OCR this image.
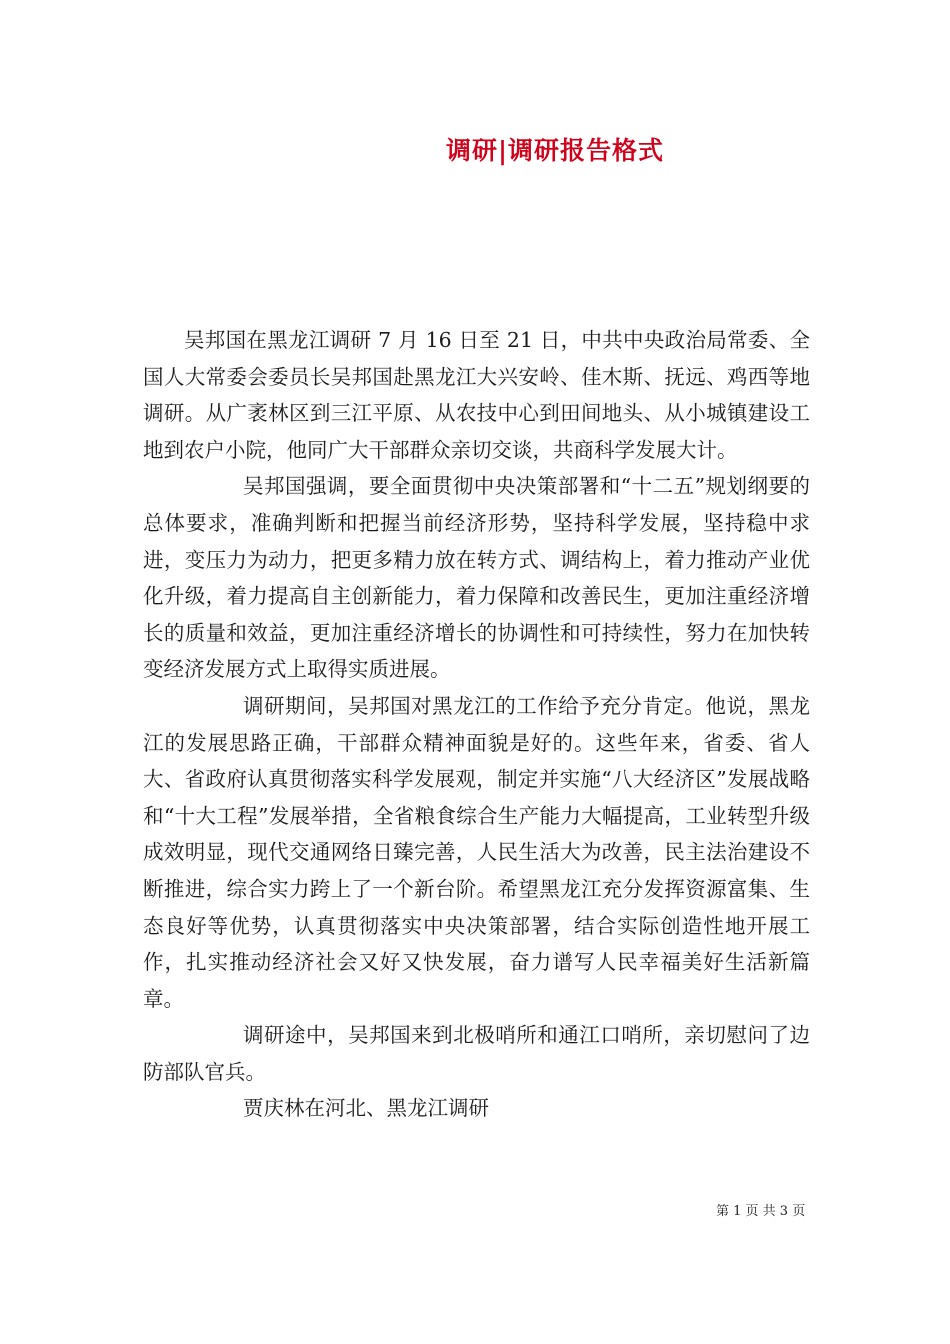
调研|调研报告格式

吴邦国在黑龙江调研 7 月 16 日至 21 日，中共中央政治局常委、全国人大常委会委员长吴邦国赴黑龙江大兴安岭、佳木斯、抚远、鸡西等地调研。从广袤林区到三江平原、从农技中心到田间地头、从小城镇建设工地到农户小院，他同广大干部群众亲切交谈，共商科学发展大计。

吴邦国强调，要全面贯彻中央决策部署和“十二五”规划纲要的总体要求，准确判断和把握当前经济形势，坚持科学发展，坚持稳中求进，变压力为动力，把更多精力放在转方式、调结构上，着力推动产业优化升级，着力提高自主创新能力，着力保障和改善民生，更加注重经济增长的质量和效益，更加注重经济增长的协调性和可持续性，努力在加快转变经济发展方式上取得实质进展。

调研期间，吴邦国对黑龙江的工作给予充分肯定。他说，黑龙江的发展思路正确，干部群众精神面貌是好的。这些年来，省委、省人大、省政府认真贯彻落实科学发展观，制定并实施“八大经济区”发展战略和“十大工程”发展举措，全省粮食综合生产能力大幅提高，工业转型升级成效明显，现代交通网络日臻完善，人民生活大为改善，民主法治建设不断推进，综合实力跨上了一个新台阶。希望黑龙江充分发挥资源富集、生态良好等优势，认真贯彻落实中央决策部署，结合实际创造性地开展工作，扎实推动经济社会又好又快发展，奋力谱写人民幸福美好生活新篇章。

调研途中，吴邦国来到北极哨所和通江口哨所，亲切慰问了边防部队官兵。

贾庆林在河北、黑龙江调研

第 1 页 共 3 页
